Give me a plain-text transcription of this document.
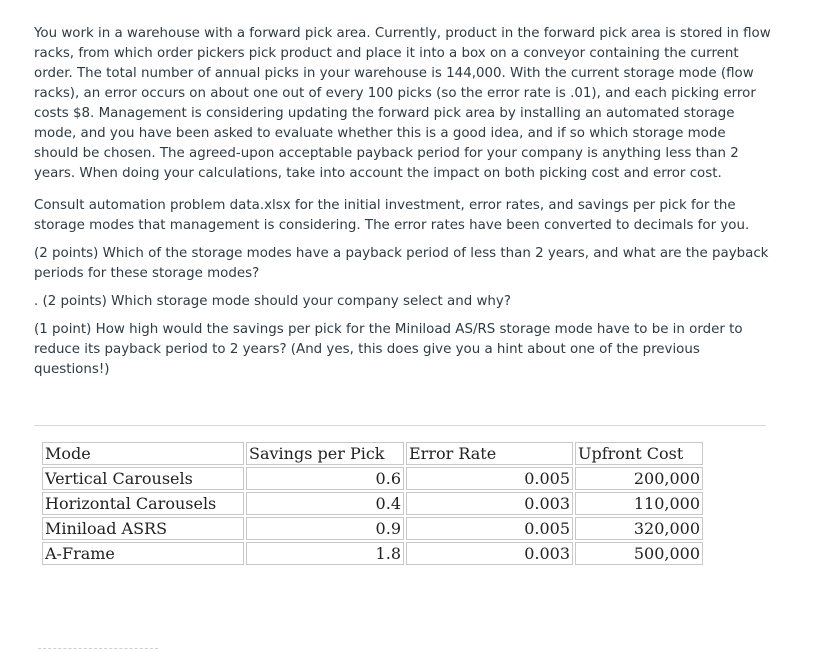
You work in a warehouse with a forward pick area. Currently, product in the forward pick area is stored in flow racks, from which order pickers pick product and place it into a box on a conveyor containing the current order. The total number of annual picks in your warehouse is 144,000. With the current storage mode (flow racks), an error occurs on about one out of every 100 picks (so the error rate is .01), and each picking error costs $8. Management is considering updating the forward pick area by installing an automated storage mode, and you have been asked to evaluate whether this is a good idea, and if so which storage mode should be chosen. The agreed-upon acceptable payback period for your company is anything less than 2 years. When doing your calculations, take into account the impact on both picking cost and error cost.

Consult automation problem data.xlsx for the initial investment, error rates, and savings per pick for the storage modes that management is considering. The error rates have been converted to decimals for you.

(2 points) Which of the storage modes have a payback period of less than 2 years, and what are the payback periods for these storage modes?

. (2 points) Which storage mode should your company select and why?

(1 point) How high would the savings per pick for the Miniload AS/RS storage mode have to be in order to reduce its payback period to 2 years? (And yes, this does give you a hint about one of the previous questions!)

Mode	Savings per Pick	Error Rate	Upfront Cost
Vertical Carousels	0.6	0.005	200,000
Horizontal Carousels	0.4	0.003	110,000
Miniload ASRS	0.9	0.005	320,000
A-Frame	1.8	0.003	500,000
